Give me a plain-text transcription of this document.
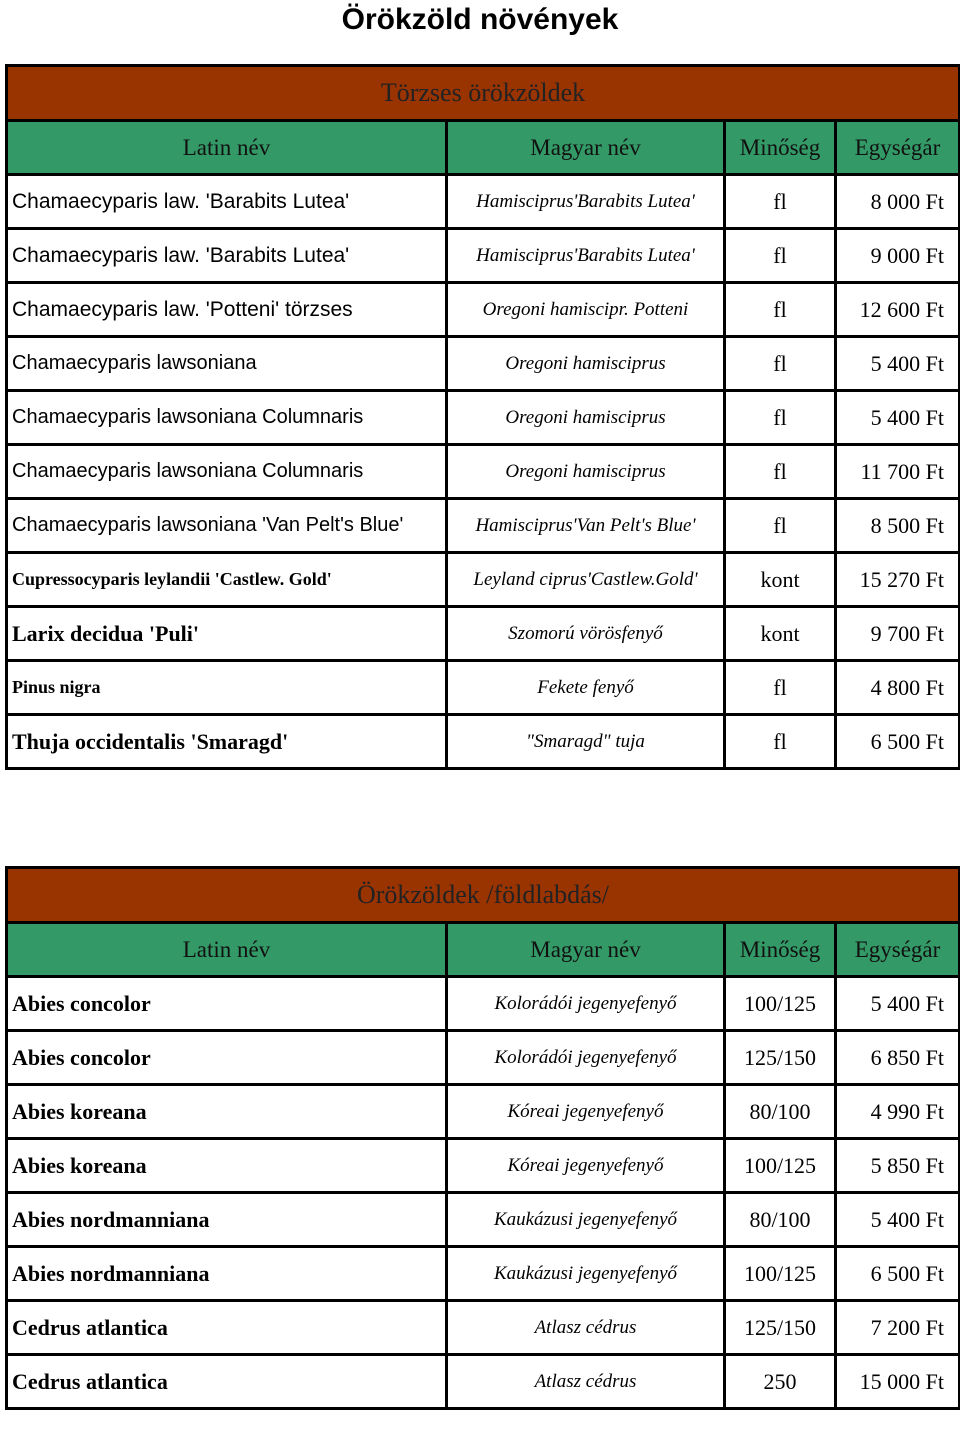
Örökzöld növények
Törzses örökzöldek			
Latin név	Magyar név	Minőség	Egységár
Chamaecyparis law. 'Barabits Lutea'	Hamisciprus'Barabits Lutea'	fl	8 000 Ft
Chamaecyparis law. 'Barabits Lutea'	Hamisciprus'Barabits Lutea'	fl	9 000 Ft
Chamaecyparis law. 'Potteni' törzses	Oregoni hamiscipr. Potteni	fl	12 600 Ft
Chamaecyparis lawsoniana	Oregoni hamisciprus	fl	5 400 Ft
Chamaecyparis lawsoniana Columnaris	Oregoni hamisciprus	fl	5 400 Ft
Chamaecyparis lawsoniana Columnaris	Oregoni hamisciprus	fl	11 700 Ft
Chamaecyparis lawsoniana 'Van Pelt's Blue'	Hamisciprus'Van Pelt's Blue'	fl	8 500 Ft
Cupressocyparis leylandii 'Castlew. Gold'	Leyland ciprus'Castlew.Gold'	kont	15 270 Ft
Larix decidua 'Puli'	Szomorú vörösfenyő	kont	9 700 Ft
Pinus nigra	Fekete fenyő	fl	4 800 Ft
Thuja occidentalis 'Smaragd'	"Smaragd" tuja	fl	6 500 Ft
Örökzöldek /földlabdás/			
Latin név	Magyar név	Minőség	Egységár
Abies concolor	Kolorádói jegenyefenyő	100/125	5 400 Ft
Abies concolor	Kolorádói jegenyefenyő	125/150	6 850 Ft
Abies koreana	Kóreai jegenyefenyő	80/100	4 990 Ft
Abies koreana	Kóreai jegenyefenyő	100/125	5 850 Ft
Abies nordmanniana	Kaukázusi jegenyefenyő	80/100	5 400 Ft
Abies nordmanniana	Kaukázusi jegenyefenyő	100/125	6 500 Ft
Cedrus atlantica	Atlasz cédrus	125/150	7 200 Ft
Cedrus atlantica	Atlasz cédrus	250	15 000 Ft
